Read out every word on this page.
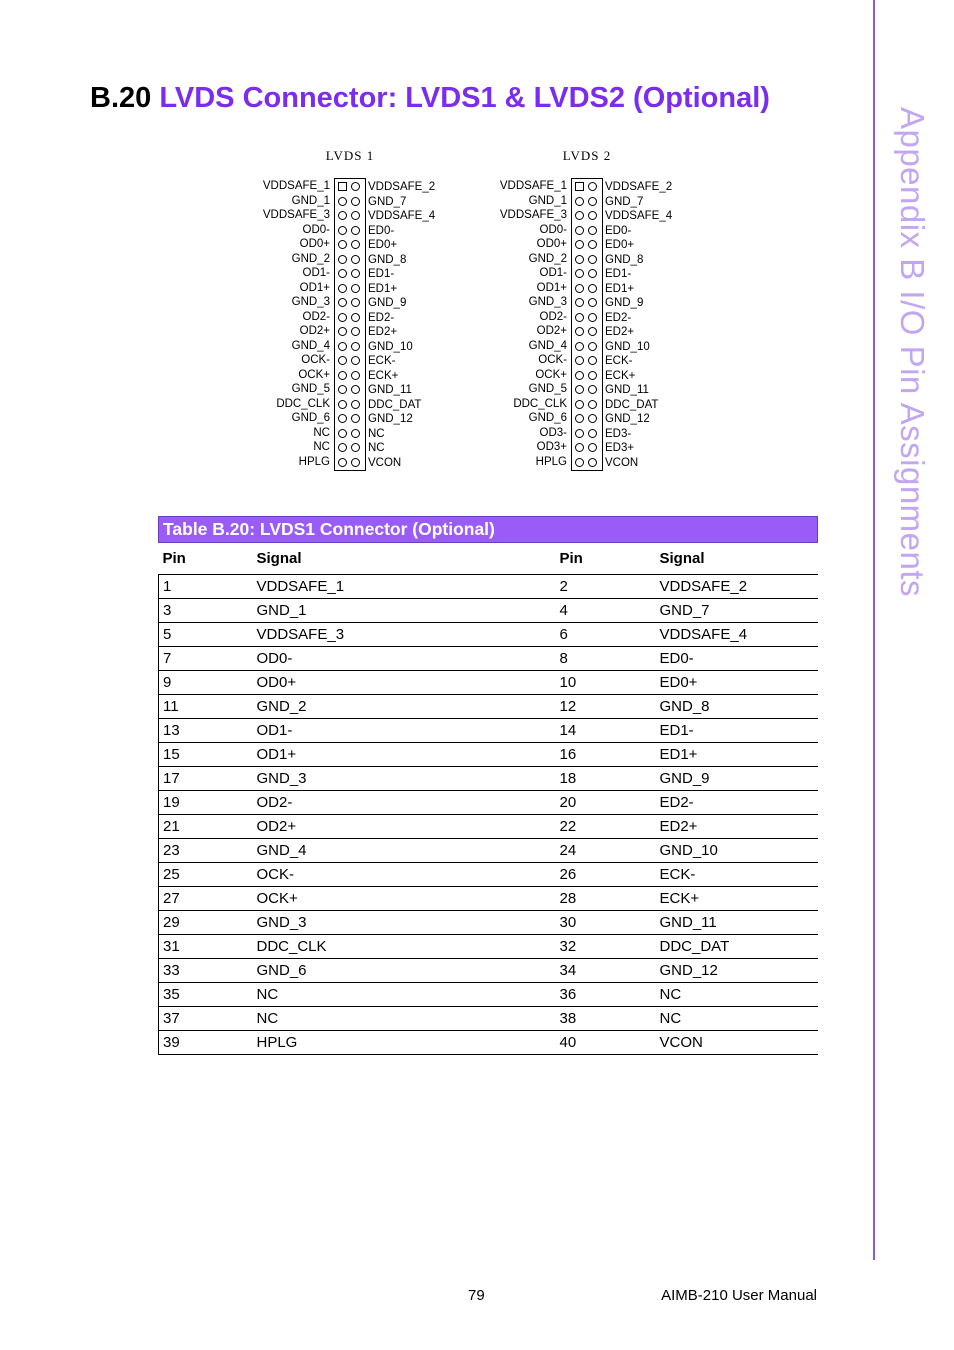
Appendix B I/O Pin Assignments
B.20 LVDS Connector: LVDS1 & LVDS2 (Optional)
LVDS 1
VDDSAFE_1	VDDSAFE_2
GND_1	GND_7
VDDSAFE_3	VDDSAFE_4
OD0-	ED0-
OD0+	ED0+
GND_2	GND_8
OD1-	ED1-
OD1+	ED1+
GND_3	GND_9
OD2-	ED2-
OD2+	ED2+
GND_4	GND_10
OCK-	ECK-
OCK+	ECK+
GND_5	GND_11
DDC_CLK	DDC_DAT
GND_6	GND_12
NC	NC
NC	NC
HPLG	VCON
LVDS 2
VDDSAFE_1	VDDSAFE_2
GND_1	GND_7
VDDSAFE_3	VDDSAFE_4
OD0-	ED0-
OD0+	ED0+
GND_2	GND_8
OD1-	ED1-
OD1+	ED1+
GND_3	GND_9
OD2-	ED2-
OD2+	ED2+
GND_4	GND_10
OCK-	ECK-
OCK+	ECK+
GND_5	GND_11
DDC_CLK	DDC_DAT
GND_6	GND_12
OD3-	ED3-
OD3+	ED3+
HPLG	VCON
Table B.20: LVDS1 Connector (Optional)
Pin	Signal	Pin	Signal
1	VDDSAFE_1	2	VDDSAFE_2
3	GND_1	4	GND_7
5	VDDSAFE_3	6	VDDSAFE_4
7	OD0-	8	ED0-
9	OD0+	10	ED0+
11	GND_2	12	GND_8
13	OD1-	14	ED1-
15	OD1+	16	ED1+
17	GND_3	18	GND_9
19	OD2-	20	ED2-
21	OD2+	22	ED2+
23	GND_4	24	GND_10
25	OCK-	26	ECK-
27	OCK+	28	ECK+
29	GND_3	30	GND_11
31	DDC_CLK	32	DDC_DAT
33	GND_6	34	GND_12
35	NC	36	NC
37	NC	38	NC
39	HPLG	40	VCON
79	AIMB-210 User Manual
